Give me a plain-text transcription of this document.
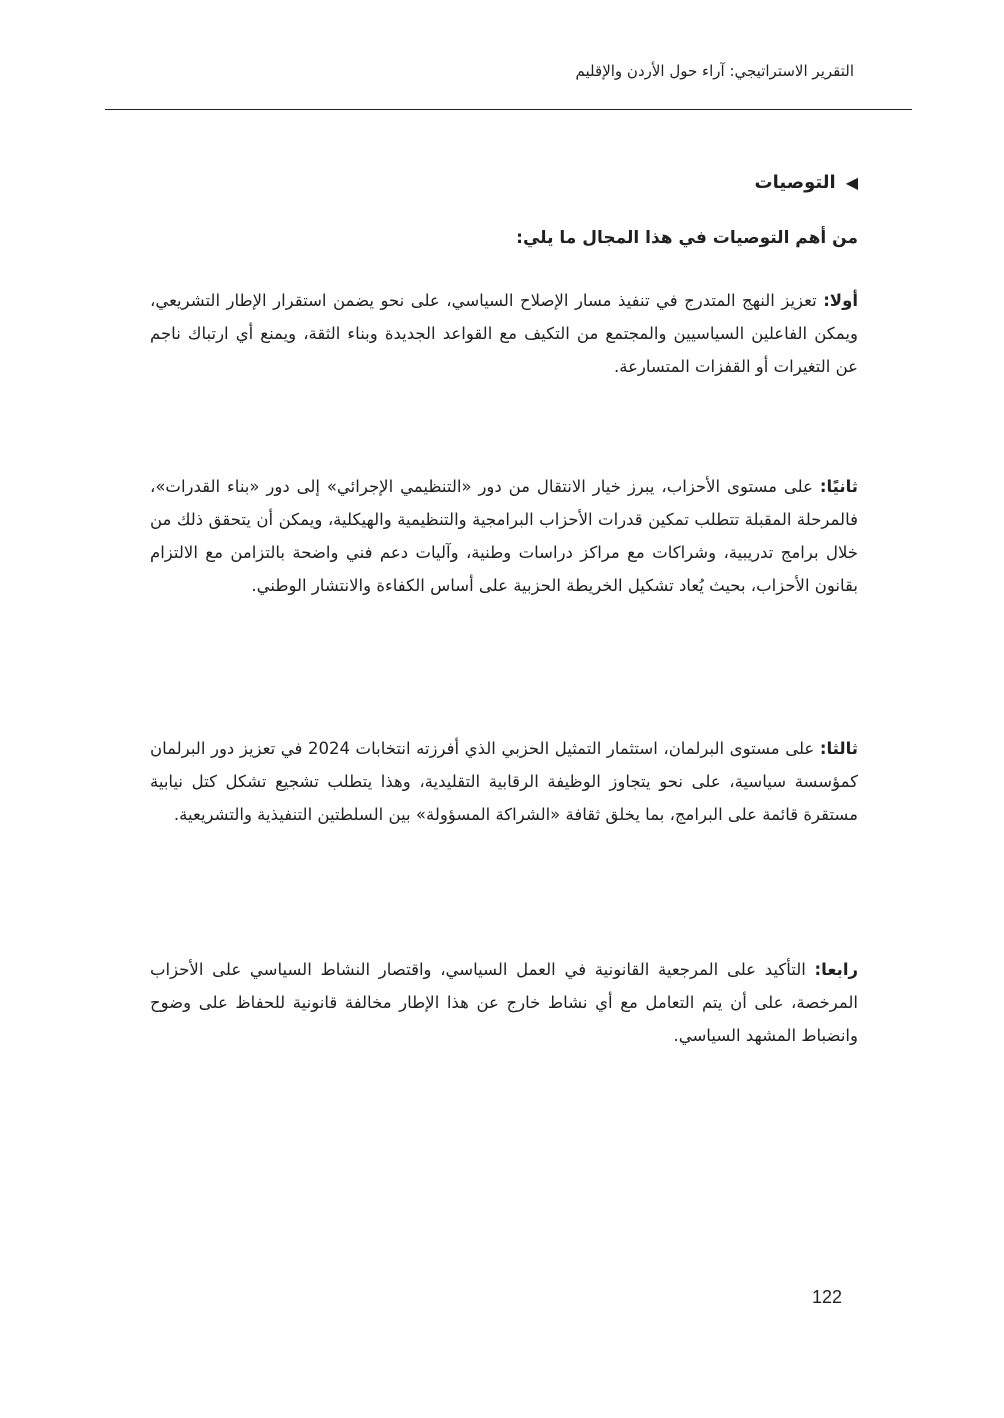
التقرير الاستراتيجي: آراء حول الأردن والإقليم
◀
التوصيات
من أهم التوصيات في هذا المجال ما يلي:
أولا: تعزيز النهج المتدرج في تنفيذ مسار الإصلاح السياسي، على نحو يضمن استقرار الإطار التشريعي، ويمكن الفاعلين السياسيين والمجتمع من التكيف مع القواعد الجديدة وبناء الثقة، ويمنع أي ارتباك ناجم عن التغيرات أو القفزات المتسارعة.
ثانيًا: على مستوى الأحزاب، يبرز خيار الانتقال من دور «التنظيمي الإجرائي» إلى دور «بناء القدرات»، فالمرحلة المقبلة تتطلب تمكين قدرات الأحزاب البرامجية والتنظيمية والهيكلية، ويمكن أن يتحقق ذلك من خلال برامج تدريبية، وشراكات مع مراكز دراسات وطنية، وآليات دعم فني واضحة بالتزامن مع الالتزام بقانون الأحزاب، بحيث يُعاد تشكيل الخريطة الحزبية على أساس الكفاءة والانتشار الوطني.
ثالثا: على مستوى البرلمان، استثمار التمثيل الحزبي الذي أفرزته انتخابات 2024 في تعزيز دور البرلمان كمؤسسة سياسية، على نحو يتجاوز الوظيفة الرقابية التقليدية، وهذا يتطلب تشجيع تشكل كتل نيابية مستقرة قائمة على البرامج، بما يخلق ثقافة «الشراكة المسؤولة» بين السلطتين التنفيذية والتشريعية.
رابعا: التأكيد على المرجعية القانونية في العمل السياسي، واقتصار النشاط السياسي على الأحزاب المرخصة، على أن يتم التعامل مع أي نشاط خارج عن هذا الإطار مخالفة قانونية للحفاظ على وضوح وانضباط المشهد السياسي.
122
